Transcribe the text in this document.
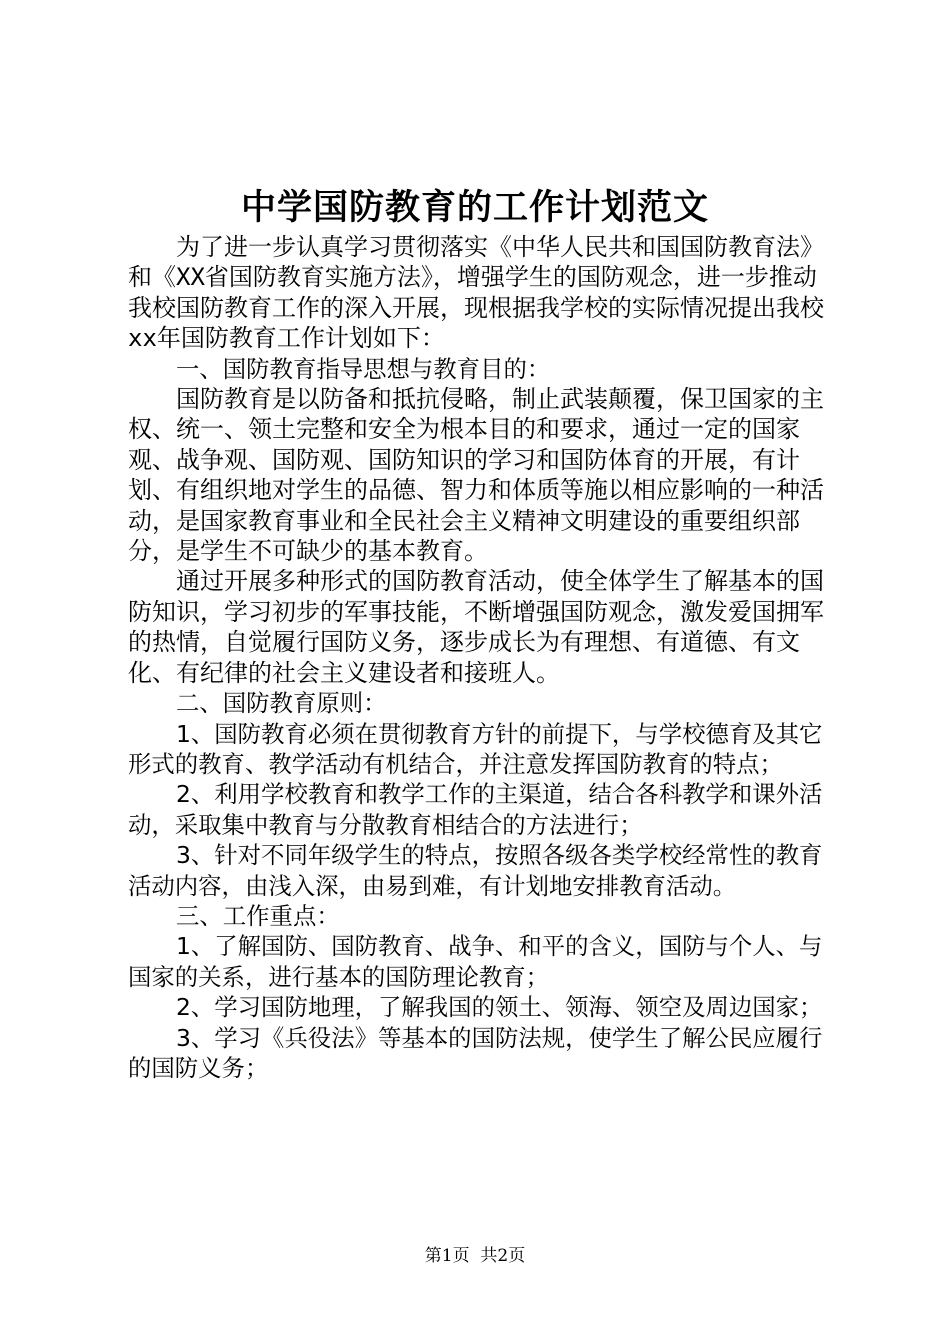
中学国防教育的工作计划范文
为了进一步认真学习贯彻落实《中华人民共和国国防教育法》和《XX省国防教育实施方法》，增强学生的国防观念，进一步推动我校国防教育工作的深入开展，现根据我学校的实际情况提出我校xx年国防教育工作计划如下：
一、国防教育指导思想与教育目的：
国防教育是以防备和抵抗侵略，制止武装颠覆，保卫国家的主权、统一、领土完整和安全为根本目的和要求，通过一定的国家观、战争观、国防观、国防知识的学习和国防体育的开展，有计划、有组织地对学生的品德、智力和体质等施以相应影响的一种活动，是国家教育事业和全民社会主义精神文明建设的重要组织部分，是学生不可缺少的基本教育。
通过开展多种形式的国防教育活动，使全体学生了解基本的国防知识，学习初步的军事技能，不断增强国防观念，激发爱国拥军的热情，自觉履行国防义务，逐步成长为有理想、有道德、有文化、有纪律的社会主义建设者和接班人。
二、国防教育原则：
1、国防教育必须在贯彻教育方针的前提下，与学校德育及其它形式的教育、教学活动有机结合，并注意发挥国防教育的特点；
2、利用学校教育和教学工作的主渠道，结合各科教学和课外活动，采取集中教育与分散教育相结合的方法进行；
3、针对不同年级学生的特点，按照各级各类学校经常性的教育活动内容，由浅入深，由易到难，有计划地安排教育活动。
三、工作重点：
1、了解国防、国防教育、战争、和平的含义，国防与个人、与国家的关系，进行基本的国防理论教育；
2、学习国防地理，了解我国的领土、领海、领空及周边国家；
3、学习《兵役法》等基本的国防法规，使学生了解公民应履行的国防义务；
第1页  共2页
